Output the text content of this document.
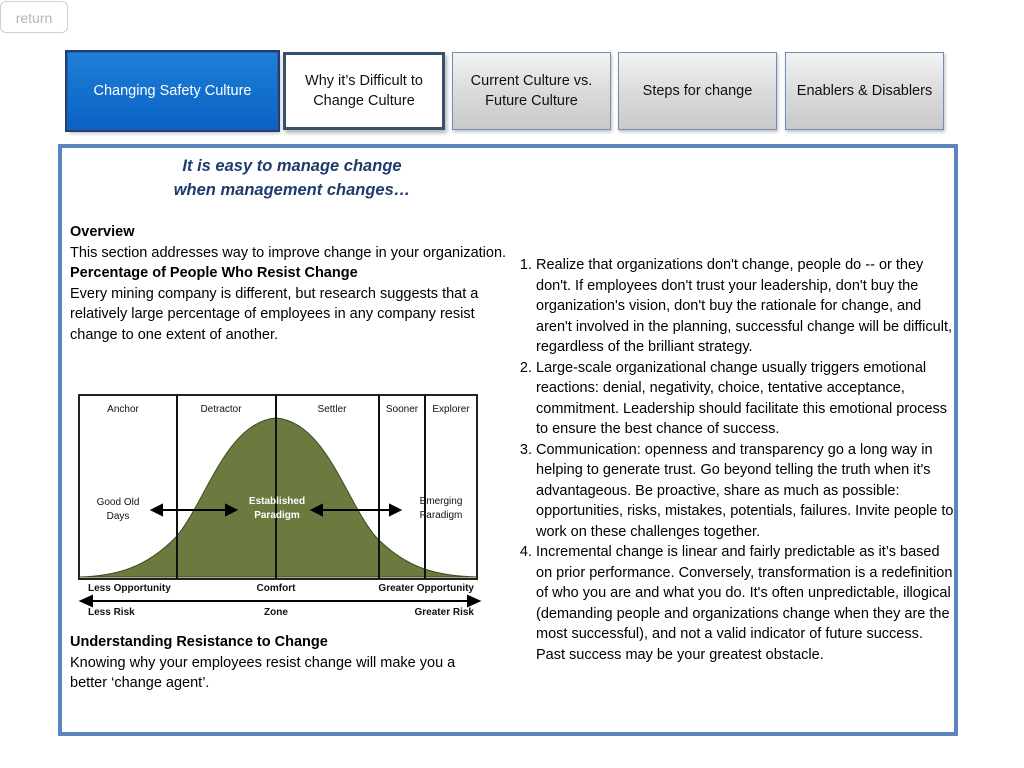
return
Changing Safety Culture
Why it’s Difficult to Change Culture
Current Culture vs. Future Culture
Steps for change	Enablers & Disablers
It is easy to manage change
when management changes…
Overview

This section addresses way to improve change in your organization.

Percentage of People Who Resist Change

Every mining company is different, but research suggests that a relatively large percentage of employees in any company resist change to one extent of another.

Anchor	Detractor	Settler	Sooner Explorer
Good Old
Days
Established
Paradigm
Emerging
Paradigm
Less Opportunity	Comfort	Greater Opportunity
Less Risk	Zone	Greater Risk
Understanding Resistance to Change

Knowing why your employees resist change will make you a better ‘change agent’.

1. Realize that organizations don't change, people do -- or they don't. If employees don't trust your leadership, don't buy the organization's vision, don't buy the rationale for change, and aren't involved in the planning, successful change will be difficult, regardless of the brilliant strategy.
2. Large-scale organizational change usually triggers emotional reactions: denial, negativity, choice, tentative acceptance, commitment. Leadership should facilitate this emotional process to ensure the best chance of success.
3. Communication: openness and transparency go a long way in helping to generate trust. Go beyond telling the truth when it's advantageous. Be proactive, share as much as possible: opportunities, risks, mistakes, potentials, failures. Invite people to work on these challenges together.
4. Incremental change is linear and fairly predictable as it’s based on prior performance. Conversely, transformation is a redefinition of who you are and what you do. It's often unpredictable, illogical (demanding people and organizations change when they are the most successful), and not a valid indicator of future success. Past success may be your greatest obstacle.
